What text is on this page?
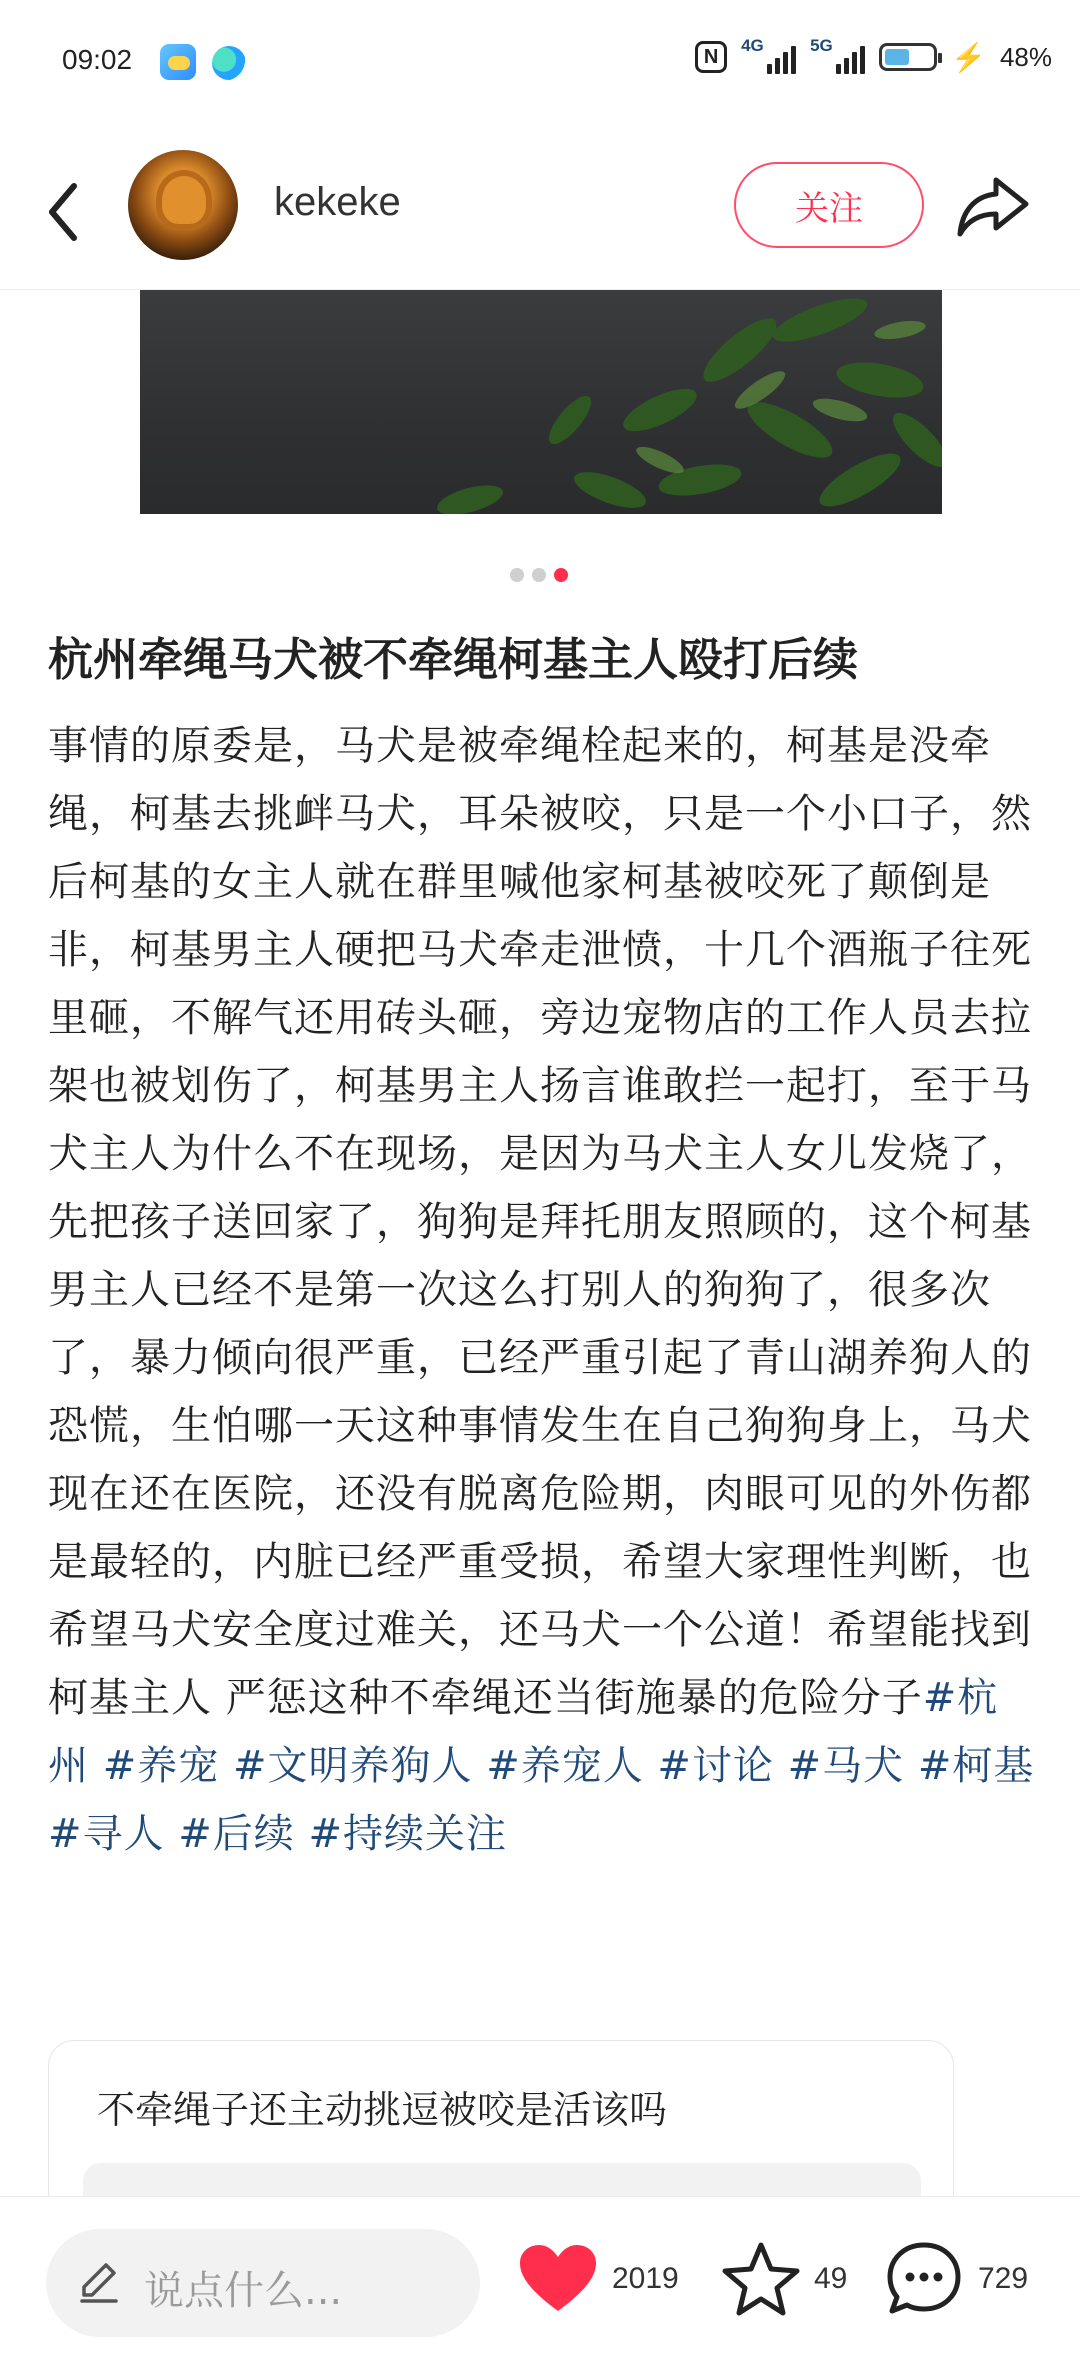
09:02	N	4G	5G	⚡ 48%
kekeke	关注
杭州牵绳马犬被不牵绳柯基主人殴打后续
事情的原委是，马犬是被牵绳栓起来的，柯基是没牵绳，柯基去挑衅马犬，耳朵被咬，只是一个小口子，然后柯基的女主人就在群里喊他家柯基被咬死了颠倒是非，柯基男主人硬把马犬牵走泄愤，十几个酒瓶子往死里砸，不解气还用砖头砸，旁边宠物店的工作人员去拉架也被划伤了，柯基男主人扬言谁敢拦一起打，至于马犬主人为什么不在现场，是因为马犬主人女儿发烧了，先把孩子送回家了，狗狗是拜托朋友照顾的，这个柯基男主人已经不是第一次这么打别人的狗狗了，很多次了，暴力倾向很严重，已经严重引起了青山湖养狗人的恐慌，生怕哪一天这种事情发生在自己狗狗身上，马犬现在还在医院，还没有脱离危险期，肉眼可见的外伤都是最轻的，内脏已经严重受损，希望大家理性判断，也希望马犬安全度过难关，还马犬一个公道！希望能找到柯基主人 严惩这种不牵绳还当街施暴的危险分子#杭州 #养宠 #文明养狗人 #养宠人 #讨论 #马犬 #柯基 #寻人 #后续 #持续关注
不牵绳子还主动挑逗被咬是活该吗
说点什么...	2019	49	729
